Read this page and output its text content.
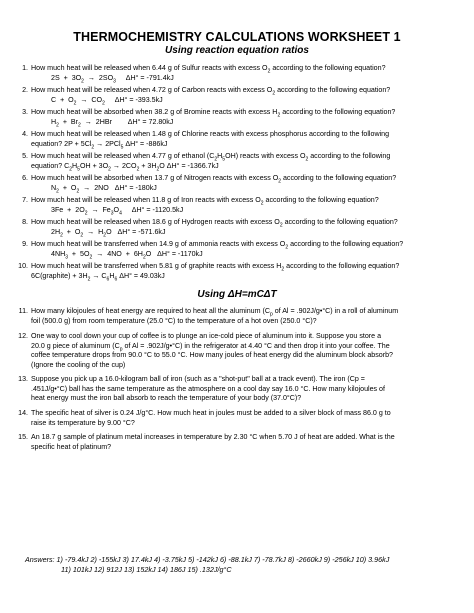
THERMOCHEMISTRY CALCULATIONS WORKSHEET 1
Using reaction equation ratios
1. How much heat will be released when 6.44 g of Sulfur reacts with excess $O_2$ according to the following equation?
$2S + 3O_2 \to 2SO_3$     ΔH° = -791.4kJ
2. How much heat will be released when 4.72 g of Carbon reacts with excess $O_2$ according to the following equation?
$C + O_2 \to CO_2$     ΔH° = -393.5kJ
3. How much heat will be absorbed when 38.2 g of Bromine reacts with excess $H_2$ according to the following equation?
$H_2 + Br_2 \to 2HBr$        ΔH° = 72.80kJ
4. How much heat will be released when 1.48 g of Chlorine reacts with excess phosphorus according to the following
equation? $2P + 5Cl_2 \to 2PCl_5$ ΔH° = -886kJ
5. How much heat will be released when 4.77 g of ethanol $(C_2H_5OH)$ reacts with excess $O_2$ according to the following
equation? $C_2H_5OH + 3O_2 \to 2CO_2 + 3H_2O$ ΔH° = -1366.7kJ
6. How much heat will be absorbed when 13.7 g of Nitrogen reacts with excess $O_2$ according to the following equation?
$N_2 + O_2 \to 2NO$   ΔH° = -180kJ
7. How much heat will be released when 11.8 g of Iron reacts with excess $O_2$ according to the following equation?
$3Fe + 2O_2 \to Fe_3O_4$     ΔH° = -1120.5kJ
8. How much heat will be released when 18.6 g of Hydrogen reacts with excess $O_2$ according to the following equation?
$2H_2 + O_2 \to H_2O$   ΔH° = -571.6kJ
9. How much heat will be transferred when 14.9 g of ammonia reacts with excess $O_2$ according to the following equation?
$4NH_3 + 5O_2 \to 4NO + 6H_2O$   ΔH° = -1170kJ
10. How much heat will be transferred when 5.81 g of graphite reacts with excess $H_2$ according to the following equation?
6C(graphite) + $3H_2 \to C_6H_6$ ΔH° = 49.03kJ
Using ΔH=mCΔT
11. How many kilojoules of heat energy are required to heat all the aluminum ($C_p$ of Al = .902J/g•°C) in a roll of aluminum
foil (500.0 g) from room temperature (25.0 °C) to the temperature of a hot oven (250.0 °C)?
12. One way to cool down your cup of coffee is to plunge an ice-cold piece of aluminum into it. Suppose you store a
20.0 g piece of aluminum ($C_p$ of Al = .902J/g•°C) in the refrigerator at 4.40 °C and then drop it into your coffee. The
coffee temperature drops from 90.0 °C to 55.0 °C. How many joules of heat energy did the aluminum block absorb?
(Ignore the cooling of the cup)
13. Suppose you pick up a 16.0-kilogram ball of iron (such as a "shot-put" ball at a track event). The iron (Cp =
.451J/g•°C) ball has the same temperature as the atmosphere on a cool day say 16.0 °C. How many kilojoules of
heat energy must the iron ball absorb to reach the temperature of your body (37.0°C)?
14. The specific heat of silver is 0.24 J/g°C. How much heat in joules must be added to a silver block of mass 86.0 g to
raise its temperature by 9.00 °C?
15. An 18.7 g sample of platinum metal increases in temperature by 2.30 °C when 5.70 J of heat are added. What is the
specific heat of platinum?
Answers: 1) -79.4kJ 2) -155kJ 3) 17.4kJ 4) -3.75kJ 5) -142kJ 6) -88.1kJ 7) -78.7kJ 8) -2660kJ 9) -256kJ 10) 3.96kJ
11) 101kJ 12) 912J 13) 152kJ 14) 186J 15) .132J/g°C
